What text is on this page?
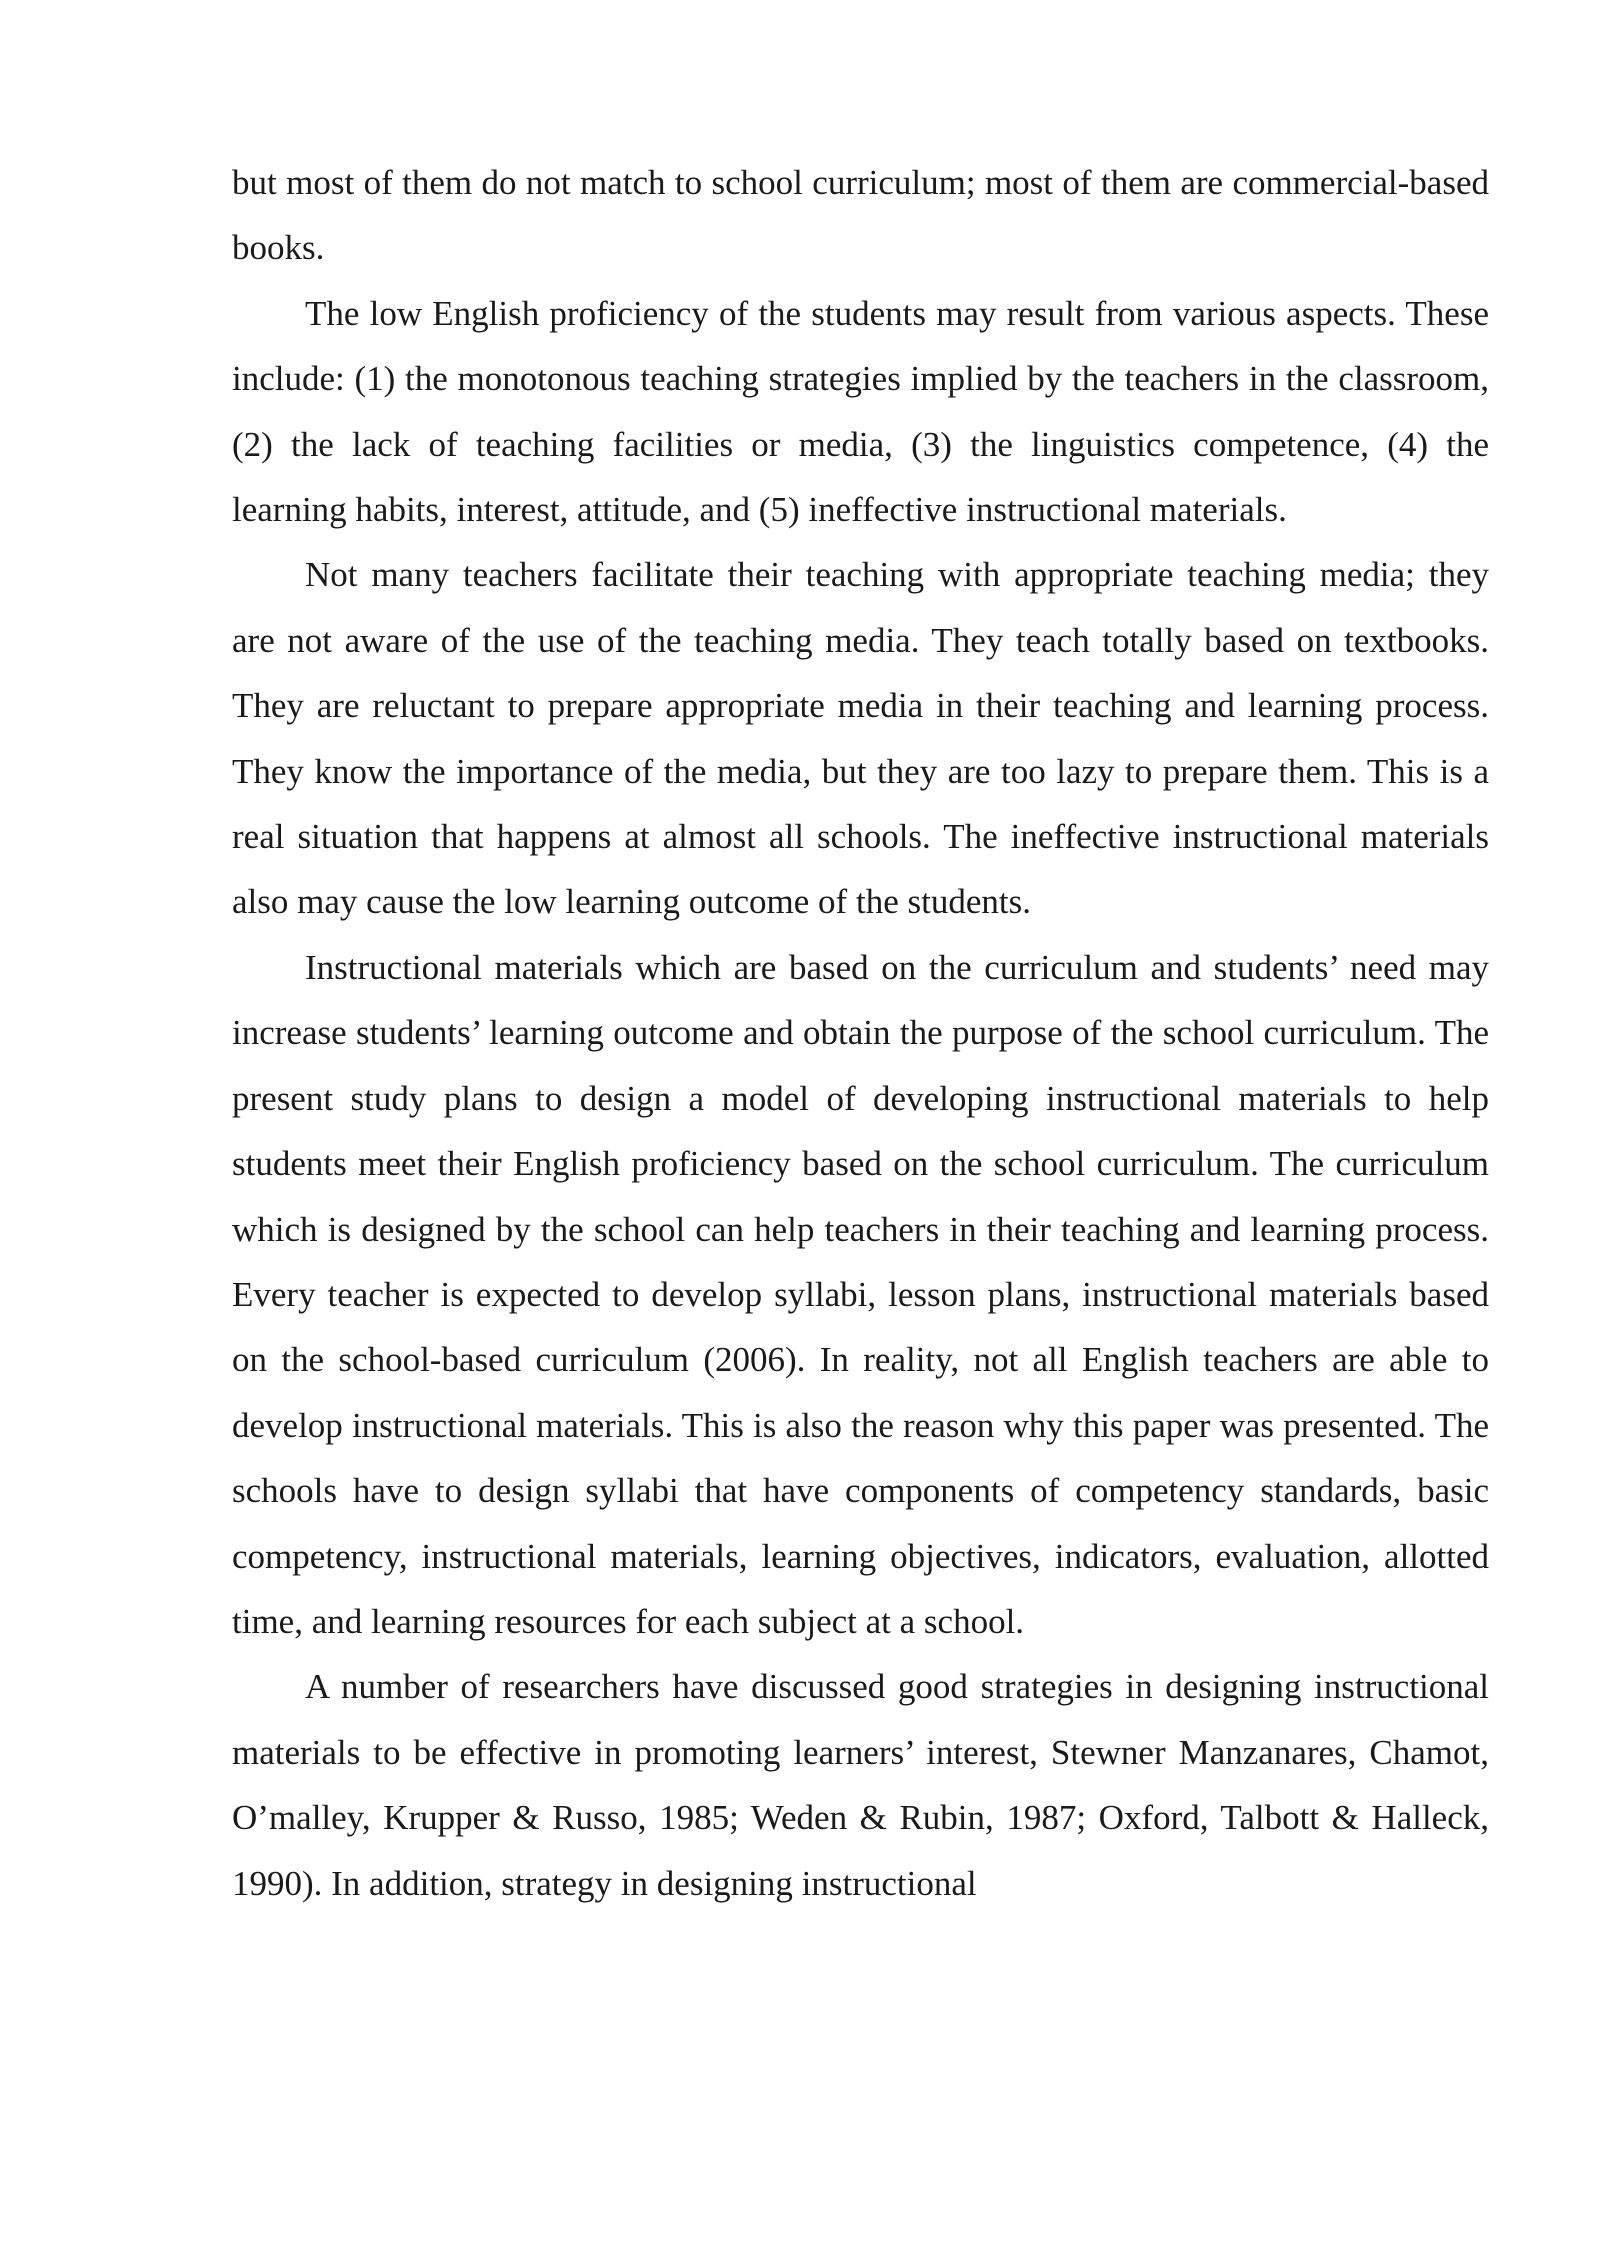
but most of them do not match to school curriculum; most of them are commercial-based books.

The low English proficiency of the students may result from various aspects. These include: (1) the monotonous teaching strategies implied by the teachers in the classroom, (2) the lack of teaching facilities or media, (3) the linguistics competence, (4) the learning habits, interest, attitude, and (5) ineffective instructional materials.

Not many teachers facilitate their teaching with appropriate teaching media; they are not aware of the use of the teaching media. They teach totally based on textbooks. They are reluctant to prepare appropriate media in their teaching and learning process. They know the importance of the media, but they are too lazy to prepare them. This is a real situation that happens at almost all schools. The ineffective instructional materials also may cause the low learning outcome of the students.

Instructional materials which are based on the curriculum and students’ need may increase students’ learning outcome and obtain the purpose of the school curriculum. The present study plans to design a model of developing instructional materials to help students meet their English proficiency based on the school curriculum. The curriculum which is designed by the school can help teachers in their teaching and learning process. Every teacher is expected to develop syllabi, lesson plans, instructional materials based on the school-based curriculum (2006). In reality, not all English teachers are able to develop instructional materials. This is also the reason why this paper was presented. The schools have to design syllabi that have components of competency standards, basic competency, instructional materials, learning objectives, indicators, evaluation, allotted time, and learning resources for each subject at a school.

A number of researchers have discussed good strategies in designing instructional materials to be effective in promoting learners’ interest, Stewner Manzanares, Chamot, O’malley, Krupper & Russo, 1985; Weden & Rubin, 1987; Oxford, Talbott & Halleck, 1990). In addition, strategy in designing instructional
